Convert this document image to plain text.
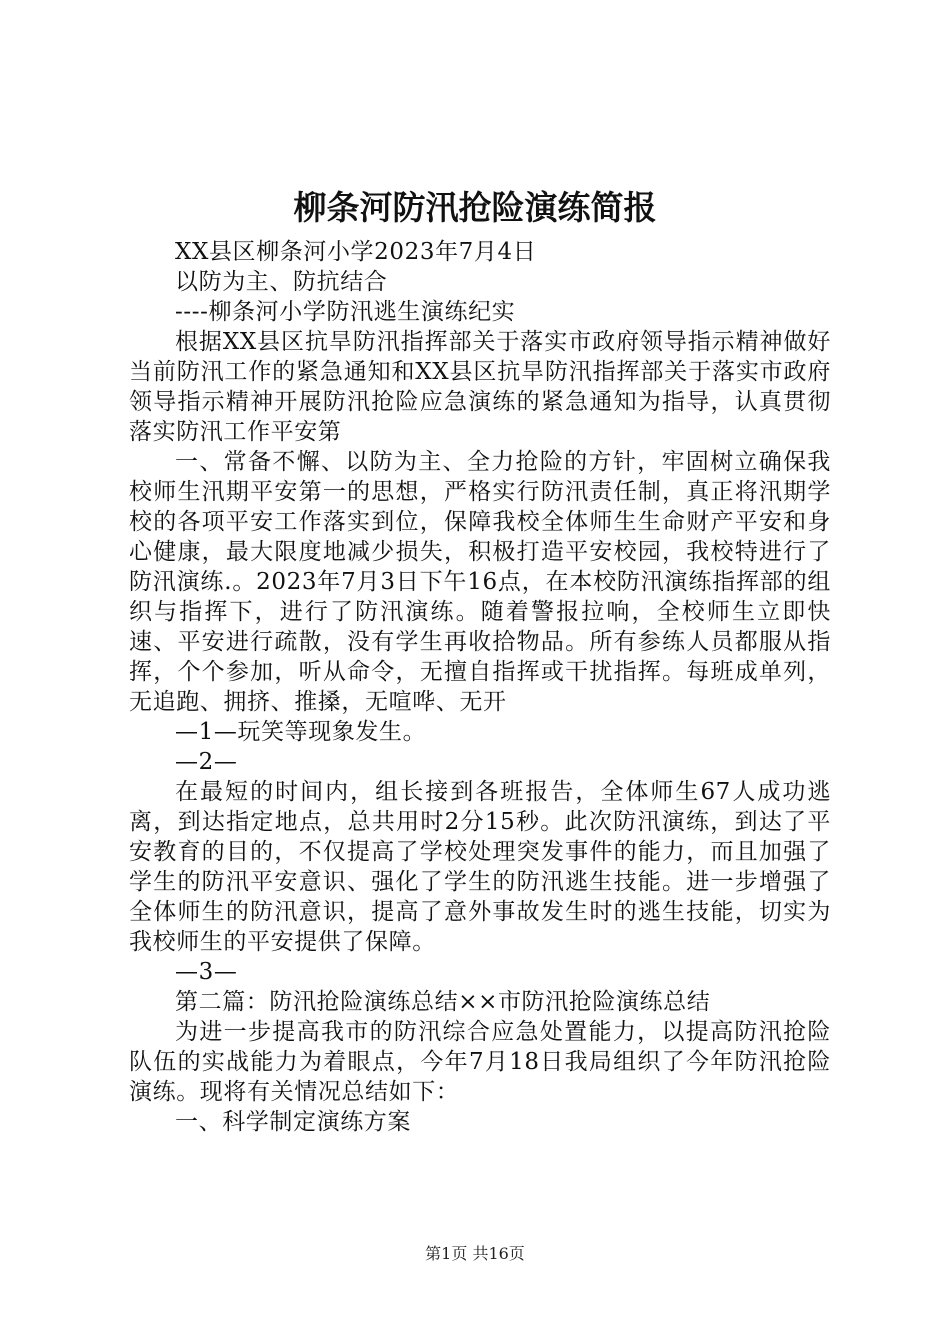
柳条河防汛抢险演练简报

XX县区柳条河小学2023年7月4日

以防为主、防抗结合

----柳条河小学防汛逃生演练纪实

根据XX县区抗旱防汛指挥部关于落实市政府领导指示精神做好当前防汛工作的紧急通知和XX县区抗旱防汛指挥部关于落实市政府领导指示精神开展防汛抢险应急演练的紧急通知为指导，认真贯彻落实防汛工作平安第

一、常备不懈、以防为主、全力抢险的方针，牢固树立确保我校师生汛期平安第一的思想，严格实行防汛责任制，真正将汛期学校的各项平安工作落实到位，保障我校全体师生生命财产平安和身心健康，最大限度地减少损失，积极打造平安校园，我校特进行了防汛演练.。2023年7月3日下午16点，在本校防汛演练指挥部的组织与指挥下，进行了防汛演练。随着警报拉响，全校师生立即快速、平安进行疏散，没有学生再收拾物品。所有参练人员都服从指挥，个个参加，听从命令，无擅自指挥或干扰指挥。每班成单列，无追跑、拥挤、推搡，无喧哗、无开

—1—玩笑等现象发生。

—2—

在最短的时间内，组长接到各班报告，全体师生67人成功逃离，到达指定地点，总共用时2分15秒。此次防汛演练，到达了平安教育的目的，不仅提高了学校处理突发事件的能力，而且加强了学生的防汛平安意识、强化了学生的防汛逃生技能。进一步增强了全体师生的防汛意识，提高了意外事故发生时的逃生技能，切实为我校师生的平安提供了保障。

—3—

第二篇：防汛抢险演练总结××市防汛抢险演练总结

为进一步提高我市的防汛综合应急处置能力，以提高防汛抢险队伍的实战能力为着眼点，今年7月18日我局组织了今年防汛抢险演练。现将有关情况总结如下：

一、科学制定演练方案

第1页 共16页
